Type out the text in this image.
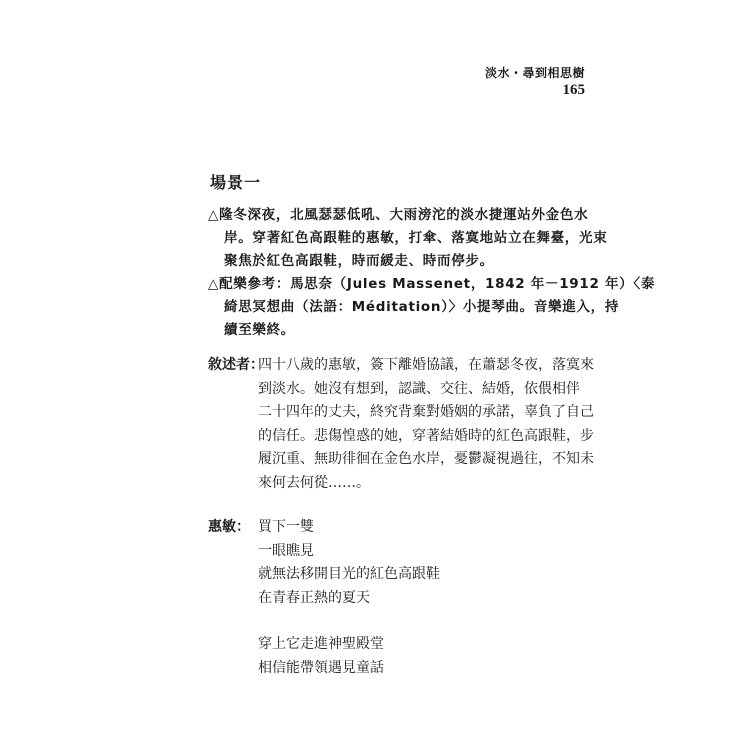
淡水・尋到相思樹
165
場景一
△隆冬深夜，北風瑟瑟低吼、大雨滂沱的淡水捷運站外金色水
岸。穿著紅色高跟鞋的惠敏，打傘、落寞地站立在舞臺，光束
聚焦於紅色高跟鞋，時而緩走、時而停步。
△配樂參考：馬思奈（Jules Massenet，1842 年－1912 年）〈泰
綺思冥想曲（法語：Méditation）〉小提琴曲。音樂進入，持
續至樂終。
敘述者：四十八歲的惠敏，簽下離婚協議，在蕭瑟冬夜，落寞來
到淡水。她沒有想到，認識、交往、結婚，依偎相伴
二十四年的丈夫，終究背棄對婚姻的承諾，辜負了自己
的信任。悲傷惶惑的她，穿著結婚時的紅色高跟鞋，步
履沉重、無助徘徊在金色水岸，憂鬱凝視過往，不知未
來何去何從……。
惠敏： 買下一雙
一眼瞧見
就無法移開目光的紅色高跟鞋
在青春正熱的夏天
穿上它走進神聖殿堂
相信能帶領遇見童話
